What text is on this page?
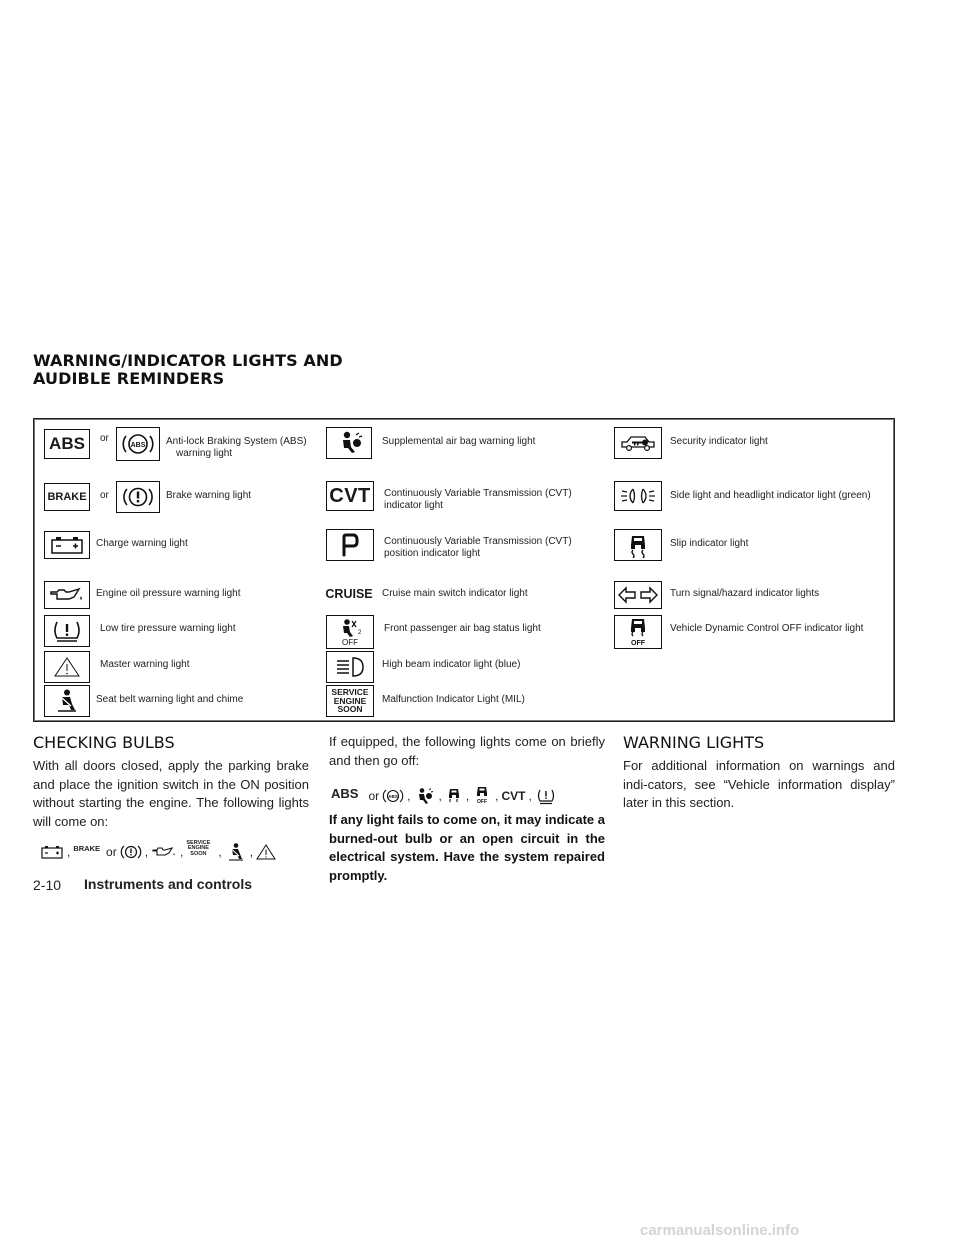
WARNING/INDICATOR LIGHTS AND
AUDIBLE REMINDERS
ABS or
ABS Anti-lock Braking System (ABS)
warning light
BRAKE or	Brake warning light
Charge warning light
Engine oil pressure warning light
Low tire pressure warning light
Master warning light
Seat belt warning light and chime
Supplemental air bag warning light
CVT Continuously Variable Transmission (CVT)
indicator light
Continuously Variable Transmission (CVT)
position indicator light
CRUISE Cruise main switch indicator light
2
OFF
Front passenger air bag status light
High beam indicator light (blue)
SERVICE
ENGINE
SOON
Malfunction Indicator Light (MIL)
Security indicator light
Side light and headlight indicator light (green)
Slip indicator light
Turn signal/hazard indicator lights
OFF
Vehicle Dynamic Control OFF indicator light
CHECKING BULBS

With all doors closed, apply the parking brake and place the ignition switch in the ON position without starting the engine. The following lights will come on:

, BRAKE or ,	,
SERVICE
ENGINE
SOON , ,

If equipped, the following lights come on briefly and then go off:

ABS or ABS , , , OFF , CVT ,

If any light fails to come on, it may indicate a burned-out bulb or an open circuit in the electrical system. Have the system repaired promptly.

WARNING LIGHTS

For additional information on warnings and indi-cators, see “Vehicle information display” later in this section.

2-10 Instruments and controls
carmanualsonline.info
